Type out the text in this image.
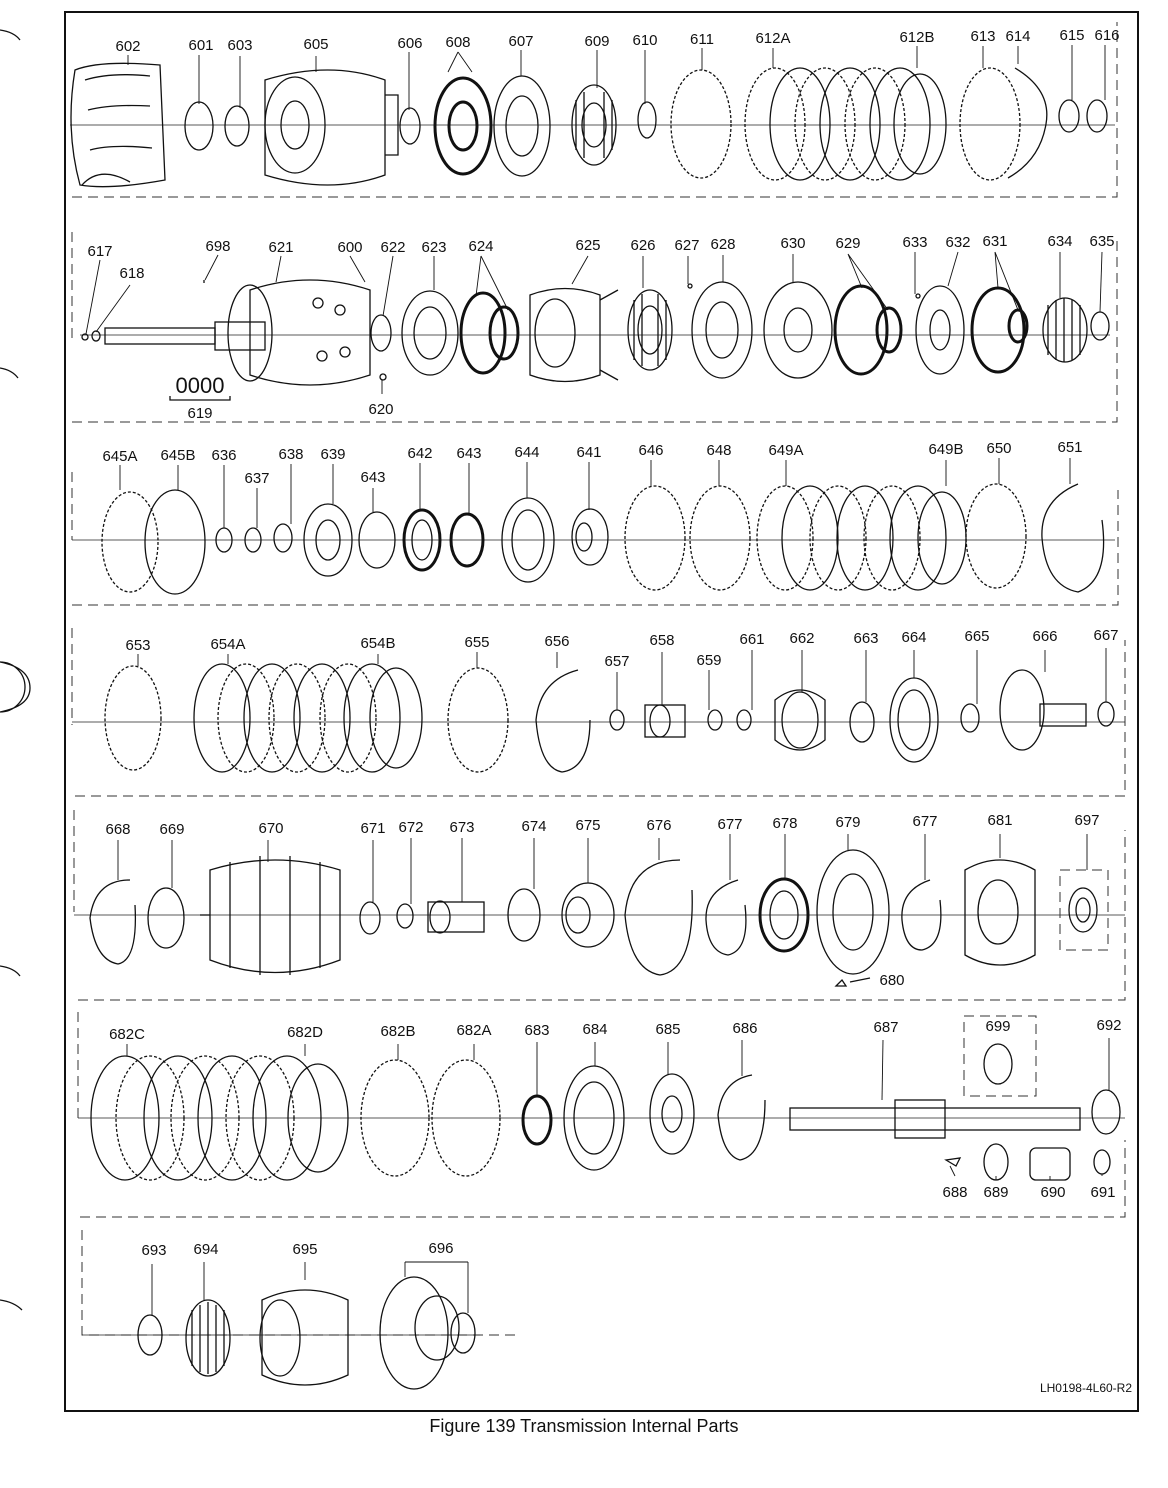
0000
602	601 603	605	606 608	607	609 610 611	612A	612B 613 614 615 616
617
618
698	621	600 622 623 624	625 626 627 628	630 629	633 632 631	634 635
619	620
645A 645B 636
637
638 639
643
642 643 644 641 646	648 649A	649B 650	651
653	654A	654B	655	656
657
658
659
661 662	663 664	665	666 667
668 669	670	671 672 673	674 675	676	677 678	679	677	681	697
680
682C	682D	682B	682A 683 684	685	686	687	699	692
688 689 690 691
693 694	695	696
LH0198-4L60-R2
Figure 139 Transmission Internal Parts
